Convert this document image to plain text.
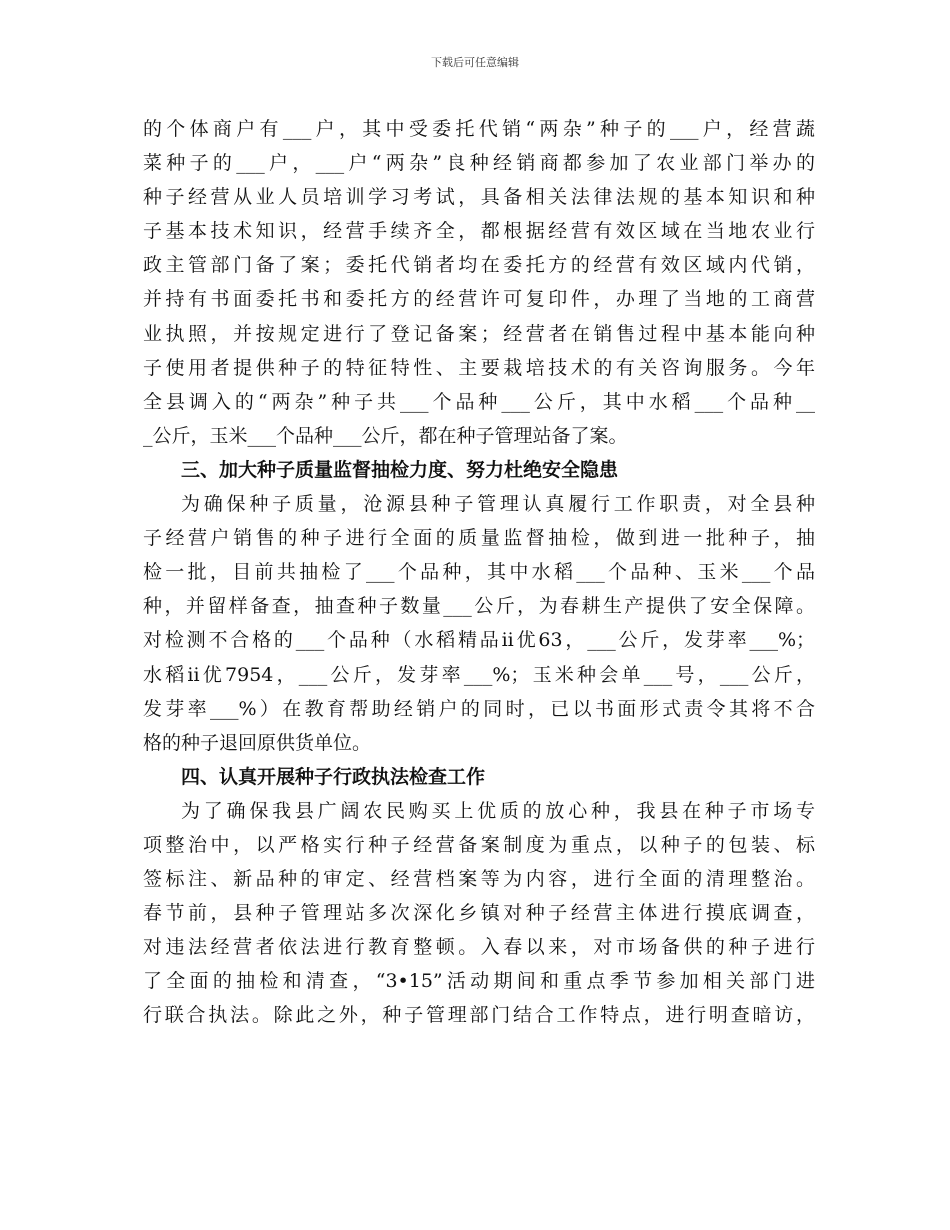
下载后可任意编辑
的个体商户有___户，其中受委托代销“两杂”种子的___户，经营蔬
菜种子的___户，___户“两杂”良种经销商都参加了农业部门举办的
种子经营从业人员培训学习考试，具备相关法律法规的基本知识和种
子基本技术知识，经营手续齐全，都根据经营有效区域在当地农业行
政主管部门备了案；委托代销者均在委托方的经营有效区域内代销，
并持有书面委托书和委托方的经营许可复印件，办理了当地的工商营
业执照，并按规定进行了登记备案；经营者在销售过程中基本能向种
子使用者提供种子的特征特性、主要栽培技术的有关咨询服务。今年
全县调入的“两杂”种子共___个品种___公斤，其中水稻___个品种__
_公斤，玉米___个品种___公斤，都在种子管理站备了案。
三、加大种子质量监督抽检力度、努力杜绝安全隐患
为确保种子质量，沧源县种子管理认真履行工作职责，对全县种
子经营户销售的种子进行全面的质量监督抽检，做到进一批种子，抽
检一批，目前共抽检了___个品种，其中水稻___个品种、玉米___个品
种，并留样备查，抽查种子数量___公斤，为春耕生产提供了安全保障。
对检测不合格的___个品种（水稻精品ii优63，___公斤，发芽率___%；
水稻ii优7954，___公斤，发芽率___%；玉米种会单___号，___公斤，
发芽率___%）在教育帮助经销户的同时，已以书面形式责令其将不合
格的种子退回原供货单位。
四、认真开展种子行政执法检查工作
为了确保我县广阔农民购买上优质的放心种，我县在种子市场专
项整治中，以严格实行种子经营备案制度为重点，以种子的包装、标
签标注、新品种的审定、经营档案等为内容，进行全面的清理整治。
春节前，县种子管理站多次深化乡镇对种子经营主体进行摸底调查，
对违法经营者依法进行教育整顿。入春以来，对市场备供的种子进行
了全面的抽检和清查，“3•15”活动期间和重点季节参加相关部门进
行联合执法。除此之外，种子管理部门结合工作特点，进行明查暗访，
